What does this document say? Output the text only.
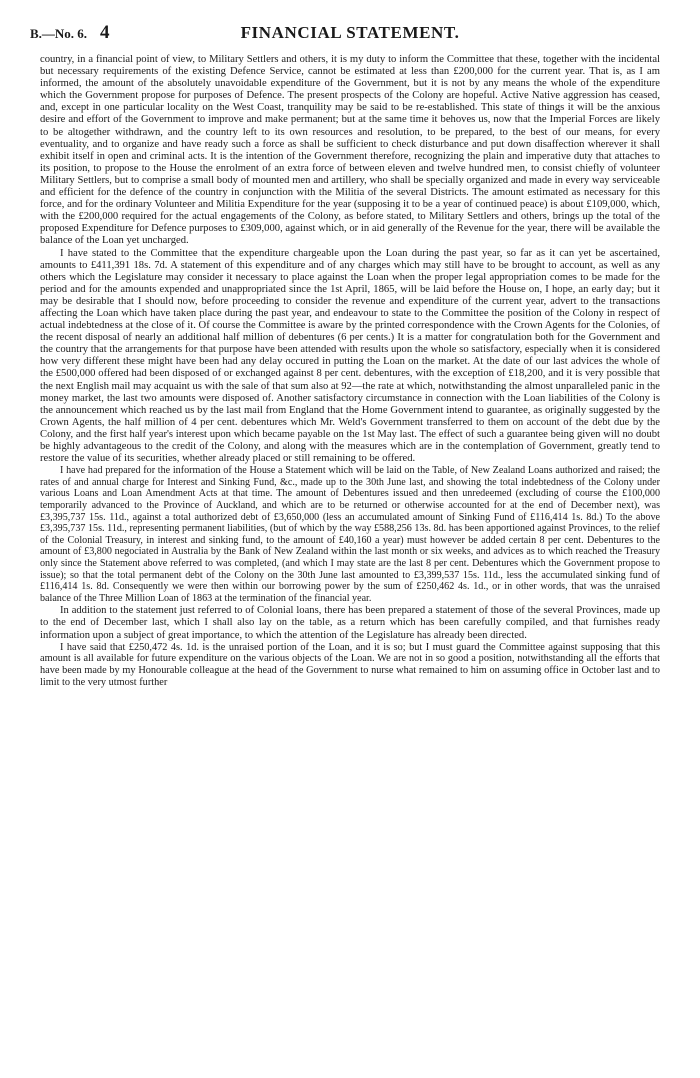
B.—No. 6. 4	FINANCIAL STATEMENT.

country, in a financial point of view, to Military Settlers and others, it is my duty to inform the Committee that these, together with the incidental but necessary requirements of the existing Defence Service, cannot be estimated at less than £200,000 for the current year. That is, as I am informed, the amount of the absolutely unavoidable expenditure of the Government, but it is not by any means the whole of the expenditure which the Government propose for purposes of Defence. The present prospects of the Colony are hopeful. Active Native aggression has ceased, and, except in one particular locality on the West Coast, tranquility may be said to be re-established. This state of things it will be the anxious desire and effort of the Government to improve and make permanent; but at the same time it behoves us, now that the Imperial Forces are likely to be altogether withdrawn, and the country left to its own resources and resolution, to be prepared, to the best of our means, for every eventuality, and to organize and have ready such a force as shall be sufficient to check disturbance and put down disaffection wherever it shall exhibit itself in open and criminal acts. It is the intention of the Government therefore, recognizing the plain and imperative duty that attaches to its position, to propose to the House the enrolment of an extra force of between eleven and twelve hundred men, to consist chiefly of volunteer Military Settlers, but to comprise a small body of mounted men and artillery, who shall be specially organized and made in every way serviceable and efficient for the defence of the country in conjunction with the Militia of the several Districts. The amount estimated as necessary for this force, and for the ordinary Volunteer and Militia Expenditure for the year (supposing it to be a year of continued peace) is about £109,000, which, with the £200,000 required for the actual engagements of the Colony, as before stated, to Military Settlers and others, brings up the total of the proposed Expenditure for Defence purposes to £309,000, against which, or in aid generally of the Revenue for the year, there will be available the balance of the Loan yet uncharged.

I have stated to the Committee that the expenditure chargeable upon the Loan during the past year, so far as it can yet be ascertained, amounts to £411,391 18s. 7d. A statement of this expenditure and of any charges which may still have to be brought to account, as well as any others which the Legislature may consider it necessary to place against the Loan when the proper legal appropriation comes to be made for the period and for the amounts expended and unappropriated since the 1st April, 1865, will be laid before the House on, I hope, an early day; but it may be desirable that I should now, before proceeding to consider the revenue and expenditure of the current year, advert to the transactions affecting the Loan which have taken place during the past year, and endeavour to state to the Committee the position of the Colony in respect of actual indebtedness at the close of it. Of course the Committee is aware by the printed correspondence with the Crown Agents for the Colonies, of the recent disposal of nearly an additional half million of debentures (6 per cents.) It is a matter for congratulation both for the Government and the country that the arrangements for that purpose have been attended with results upon the whole so satisfactory, especially when it is considered how very different these might have been had any delay occured in putting the Loan on the market. At the date of our last advices the whole of the £500,000 offered had been disposed of or exchanged against 8 per cent. debentures, with the exception of £18,200, and it is very possible that the next English mail may acquaint us with the sale of that sum also at 92—the rate at which, notwithstanding the almost unparalleled panic in the money market, the last two amounts were disposed of. Another satisfactory circumstance in connection with the Loan liabilities of the Colony is the announcement which reached us by the last mail from England that the Home Government intend to guarantee, as originally suggested by the Crown Agents, the half million of 4 per cent. debentures which Mr. Weld's Government transferred to them on account of the debt due by the Colony, and the first half year's interest upon which became payable on the 1st May last. The effect of such a guarantee being given will no doubt be highly advantageous to the credit of the Colony, and along with the measures which are in the contemplation of Government, greatly tend to restore the value of its securities, whether already placed or still remaining to be offered.

I have had prepared for the information of the House a Statement which will be laid on the Table, of New Zealand Loans authorized and raised; the rates of and annual charge for Interest and Sinking Fund, &c., made up to the 30th June last, and showing the total indebtedness of the Colony under various Loans and Loan Amendment Acts at that time. The amount of Debentures issued and then unredeemed (excluding of course the £100,000 temporarily advanced to the Province of Auckland, and which are to be returned or otherwise accounted for at the end of December next), was £3,395,737 15s. 11d., against a total authorized debt of £3,650,000 (less an accumulated amount of Sinking Fund of £116,414 1s. 8d.) To the above £3,395,737 15s. 11d., representing permanent liabilities, (but of which by the way £588,256 13s. 8d. has been apportioned against Provinces, to the relief of the Colonial Treasury, in interest and sinking fund, to the amount of £40,160 a year) must however be added certain 8 per cent. Debentures to the amount of £3,800 negociated in Australia by the Bank of New Zealand within the last month or six weeks, and advices as to which reached the Treasury only since the Statement above referred to was completed, (and which I may state are the last 8 per cent. Debentures which the Government propose to issue); so that the total permanent debt of the Colony on the 30th June last amounted to £3,399,537 15s. 11d., less the accumulated sinking fund of £116,414 1s. 8d. Consequently we were then within our borrowing power by the sum of £250,462 4s. 1d., or in other words, that was the unraised balance of the Three Million Loan of 1863 at the termination of the financial year.

In addition to the statement just referred to of Colonial loans, there has been prepared a statement of those of the several Provinces, made up to the end of December last, which I shall also lay on the table, as a return which has been carefully compiled, and that furnishes ready information upon a subject of great importance, to which the attention of the Legislature has already been directed.

I have said that £250,472 4s. 1d. is the unraised portion of the Loan, and it is so; but I must guard the Committee against supposing that this amount is all available for future expenditure on the various objects of the Loan. We are not in so good a position, notwithstanding all the efforts that have been made by my Honourable colleague at the head of the Government to nurse what remained to him on assuming office in October last and to limit to the very utmost further
